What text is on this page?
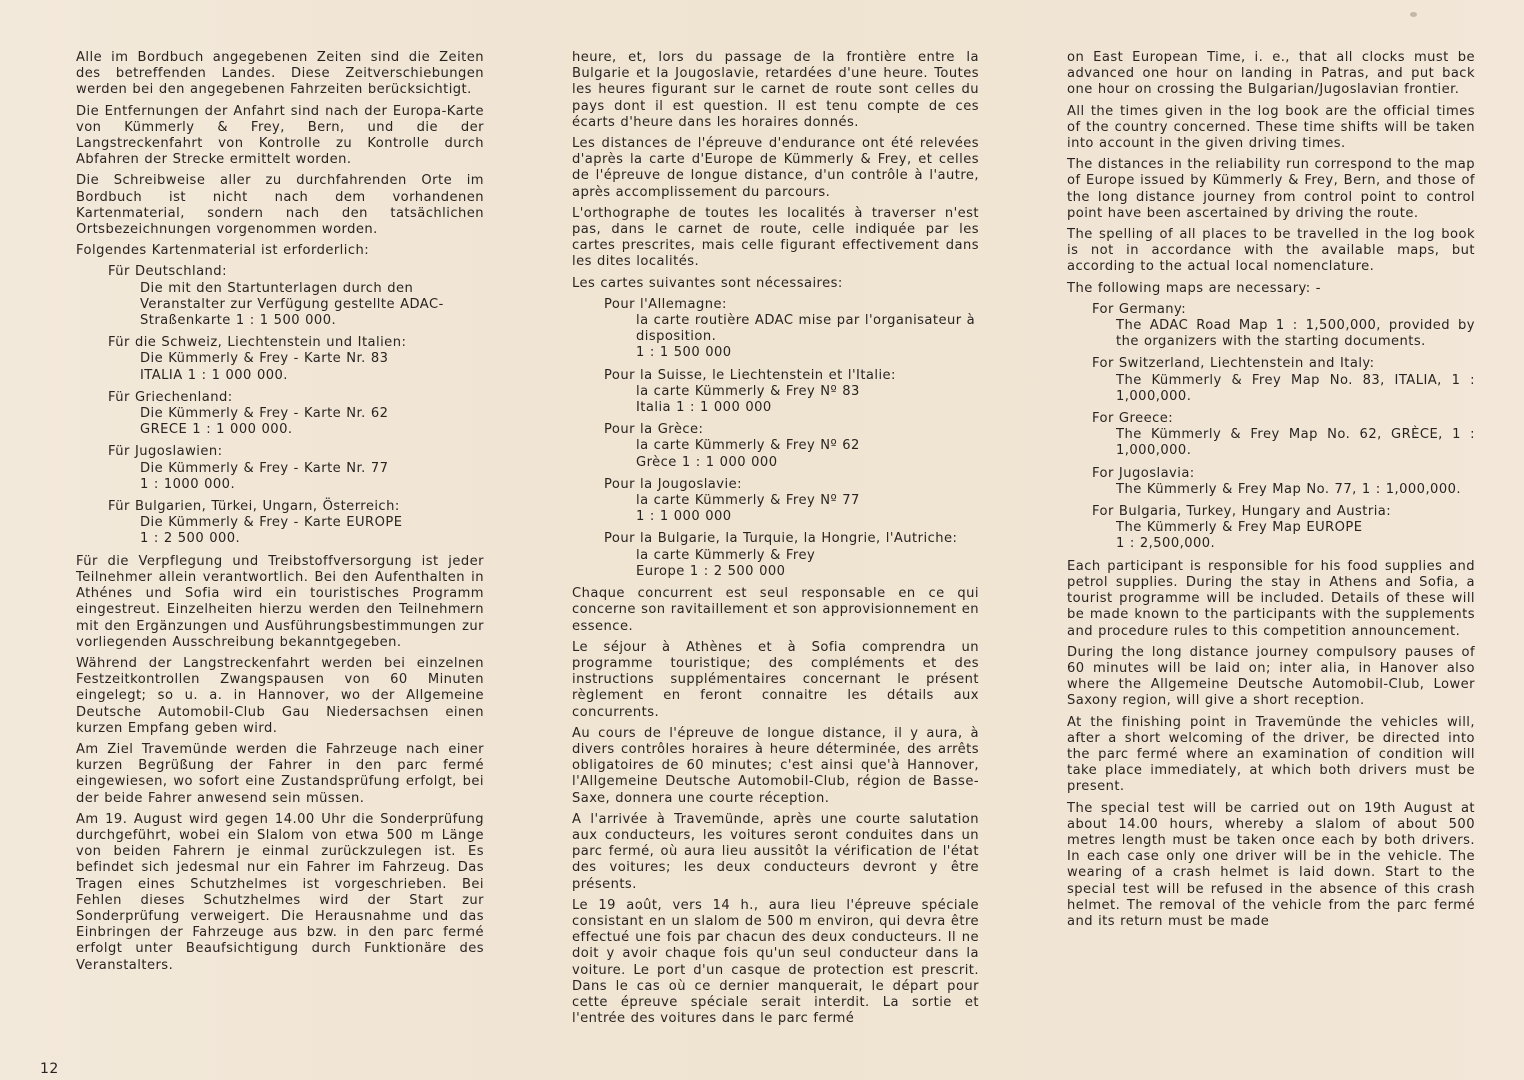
Alle im Bordbuch angegebenen Zeiten sind die Zeiten des betreffenden Landes. Diese Zeitverschiebungen werden bei den angegebenen Fahrzeiten berücksichtigt.

Die Entfernungen der Anfahrt sind nach der Europa-Karte von Kümmerly & Frey, Bern, und die der Langstreckenfahrt von Kontrolle zu Kontrolle durch Abfahren der Strecke ermittelt worden.

Die Schreibweise aller zu durchfahrenden Orte im Bordbuch ist nicht nach dem vorhandenen Kartenmaterial, sondern nach den tatsächlichen Ortsbezeichnungen vorgenommen worden.

Folgendes Kartenmaterial ist erforderlich:

Für Deutschland:
Die mit den Startunterlagen durch den Veranstalter zur Verfügung gestellte ADAC-Straßenkarte 1 : 1 500 000.
Für die Schweiz, Liechtenstein und Italien:
Die Kümmerly & Frey - Karte Nr. 83
ITALIA 1 : 1 000 000.
Für Griechenland:
Die Kümmerly & Frey - Karte Nr. 62
GRECE 1 : 1 000 000.
Für Jugoslawien:
Die Kümmerly & Frey - Karte Nr. 77
1 : 1000 000.
Für Bulgarien, Türkei, Ungarn, Österreich:
Die Kümmerly & Frey - Karte EUROPE
1 : 2 500 000.

Für die Verpflegung und Treibstoffversorgung ist jeder Teilnehmer allein verantwortlich. Bei den Aufenthalten in Athénes und Sofia wird ein touristisches Programm eingestreut. Einzelheiten hierzu werden den Teilnehmern mit den Ergänzungen und Ausführungsbestimmungen zur vorliegenden Ausschreibung bekanntgegeben.

Während der Langstreckenfahrt werden bei einzelnen Festzeitkontrollen Zwangspausen von 60 Minuten eingelegt; so u. a. in Hannover, wo der Allgemeine Deutsche Automobil-Club Gau Niedersachsen einen kurzen Empfang geben wird.

Am Ziel Travemünde werden die Fahrzeuge nach einer kurzen Begrüßung der Fahrer in den parc fermé eingewiesen, wo sofort eine Zustandsprüfung erfolgt, bei der beide Fahrer anwesend sein müssen.

Am 19. August wird gegen 14.00 Uhr die Sonderprüfung durchgeführt, wobei ein Slalom von etwa 500 m Länge von beiden Fahrern je einmal zurückzulegen ist. Es befindet sich jedesmal nur ein Fahrer im Fahrzeug. Das Tragen eines Schutzhelmes ist vorgeschrieben. Bei Fehlen dieses Schutzhelmes wird der Start zur Sonderprüfung verweigert. Die Herausnahme und das Einbringen der Fahrzeuge aus bzw. in den parc fermé erfolgt unter Beaufsichtigung durch Funktionäre des Veranstalters.

heure, et, lors du passage de la frontière entre la Bulgarie et la Jougoslavie, retardées d'une heure. Toutes les heures figurant sur le carnet de route sont celles du pays dont il est question. Il est tenu compte de ces écarts d'heure dans les horaires donnés.

Les distances de l'épreuve d'endurance ont été relevées d'après la carte d'Europe de Kümmerly & Frey, et celles de l'épreuve de longue distance, d'un contrôle à l'autre, après accomplissement du parcours.

L'orthographe de toutes les localités à traverser n'est pas, dans le carnet de route, celle indiquée par les cartes prescrites, mais celle figurant effectivement dans les dites localités.

Les cartes suivantes sont nécessaires:

Pour l'Allemagne:
la carte routière ADAC mise par l'organisateur à disposition.
1 : 1 500 000
Pour la Suisse, le Liechtenstein et l'Italie:
la carte Kümmerly & Frey Nº 83
Italia 1 : 1 000 000
Pour la Grèce:
la carte Kümmerly & Frey Nº 62
Grèce 1 : 1 000 000
Pour la Jougoslavie:
la carte Kümmerly & Frey Nº 77
1 : 1 000 000
Pour la Bulgarie, la Turquie, la Hongrie, l'Autriche:
la carte Kümmerly & Frey
Europe 1 : 2 500 000

Chaque concurrent est seul responsable en ce qui concerne son ravitaillement et son approvisionnement en essence.

Le séjour à Athènes et à Sofia comprendra un programme touristique; des compléments et des instructions supplémentaires concernant le présent règlement en feront connaitre les détails aux concurrents.

Au cours de l'épreuve de longue distance, il y aura, à divers contrôles horaires à heure déterminée, des arrêts obligatoires de 60 minutes; c'est ainsi que'à Hannover, l'Allgemeine Deutsche Automobil-Club, région de Basse-Saxe, donnera une courte réception.

A l'arrivée à Travemünde, après une courte salutation aux conducteurs, les voitures seront conduites dans un parc fermé, où aura lieu aussitôt la vérification de l'état des voitures; les deux conducteurs devront y être présents.

Le 19 août, vers 14 h., aura lieu l'épreuve spéciale consistant en un slalom de 500 m environ, qui devra être effectué une fois par chacun des deux conducteurs. Il ne doit y avoir chaque fois qu'un seul conducteur dans la voiture. Le port d'un casque de protection est prescrit. Dans le cas où ce dernier manquerait, le départ pour cette épreuve spéciale serait interdit. La sortie et l'entrée des voitures dans le parc fermé

on East European Time, i. e., that all clocks must be advanced one hour on landing in Patras, and put back one hour on crossing the Bulgarian/Jugoslavian frontier.

All the times given in the log book are the official times of the country concerned. These time shifts will be taken into account in the given driving times.

The distances in the reliability run correspond to the map of Europe issued by Kümmerly & Frey, Bern, and those of the long distance journey from control point to control point have been ascertained by driving the route.

The spelling of all places to be travelled in the log book is not in accordance with the available maps, but according to the actual local nomenclature.

The following maps are necessary: -

For Germany:
The ADAC Road Map 1 : 1,500,000, provided by the organizers with the starting documents.
For Switzerland, Liechtenstein and Italy:
The Kümmerly & Frey Map No. 83, ITALIA, 1 : 1,000,000.
For Greece:
The Kümmerly & Frey Map No. 62, GRÈCE, 1 : 1,000,000.
For Jugoslavia:
The Kümmerly & Frey Map No. 77, 1 : 1,000,000.
For Bulgaria, Turkey, Hungary and Austria:
The Kümmerly & Frey Map EUROPE
1 : 2,500,000.

Each participant is responsible for his food supplies and petrol supplies. During the stay in Athens and Sofia, a tourist programme will be included. Details of these will be made known to the participants with the supplements and procedure rules to this competition announcement.

During the long distance journey compulsory pauses of 60 minutes will be laid on; inter alia, in Hanover also where the Allgemeine Deutsche Automobil-Club, Lower Saxony region, will give a short reception.

At the finishing point in Travemünde the vehicles will, after a short welcoming of the driver, be directed into the parc fermé where an examination of condition will take place immediately, at which both drivers must be present.

The special test will be carried out on 19th August at about 14.00 hours, whereby a slalom of about 500 metres length must be taken once each by both drivers. In each case only one driver will be in the vehicle. The wearing of a crash helmet is laid down. Start to the special test will be refused in the absence of this crash helmet. The removal of the vehicle from the parc fermé and its return must be made

12
